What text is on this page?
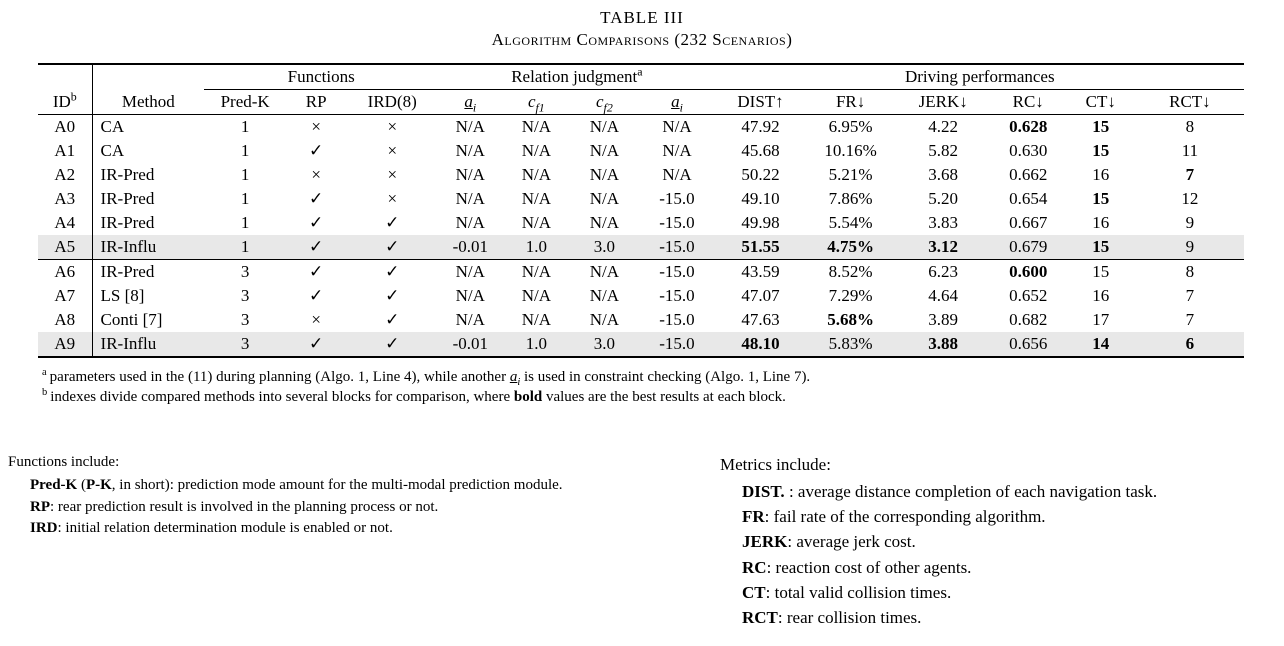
TABLE III
Algorithm Comparisons (232 Scenarios)
		Functions			Relation judgment$^a$				Driving performances					
$ID^b$	Method	Pred-K	RP	IRD(8)	$a_i$	$c_{f1}$	$c_{f2}$	$a_i$	DIST↑	FR↓	JERK↓	RC↓	CT↓	RCT↓
A0	CA	1	×	×	N/A	N/A	N/A	N/A	47.92	6.95%	4.22	0.628	15	8
A1	CA	1	✓	×	N/A	N/A	N/A	N/A	45.68	10.16%	5.82	0.630	15	11
A2	IR-Pred	1	×	×	N/A	N/A	N/A	N/A	50.22	5.21%	3.68	0.662	16	7
A3	IR-Pred	1	✓	×	N/A	N/A	N/A	-15.0	49.10	7.86%	5.20	0.654	15	12
A4	IR-Pred	1	✓	✓	N/A	N/A	N/A	-15.0	49.98	5.54%	3.83	0.667	16	9
A5	IR-Influ	1	✓	✓	-0.01	1.0	3.0	-15.0	51.55	4.75%	3.12	0.679	15	9
A6	IR-Pred	3	✓	✓	N/A	N/A	N/A	-15.0	43.59	8.52%	6.23	0.600	15	8
A7	LS [8]	3	✓	✓	N/A	N/A	N/A	-15.0	47.07	7.29%	4.64	0.652	16	7
A8	Conti [7]	3	×	✓	N/A	N/A	N/A	-15.0	47.63	5.68%	3.89	0.682	17	7
A9	IR-Influ	3	✓	✓	-0.01	1.0	3.0	-15.0	48.10	5.83%	3.88	0.656	14	6
$^a$ parameters used in the (11) during planning (Algo. 1, Line 4), while another $a_i$ is used in constraint checking (Algo. 1, Line 7).
$^b$ indexes divide compared methods into several blocks for comparison, where bold values are the best results at each block.
Functions include:
Pred-K (P-K, in short): prediction mode amount for the multi-modal prediction module.
RP: rear prediction result is involved in the planning process or not.
IRD: initial relation determination module is enabled or not.
Metrics include:
DIST. : average distance completion of each navigation task.
FR: fail rate of the corresponding algorithm.
JERK: average jerk cost.
RC: reaction cost of other agents.
CT: total valid collision times.
RCT: rear collision times.
